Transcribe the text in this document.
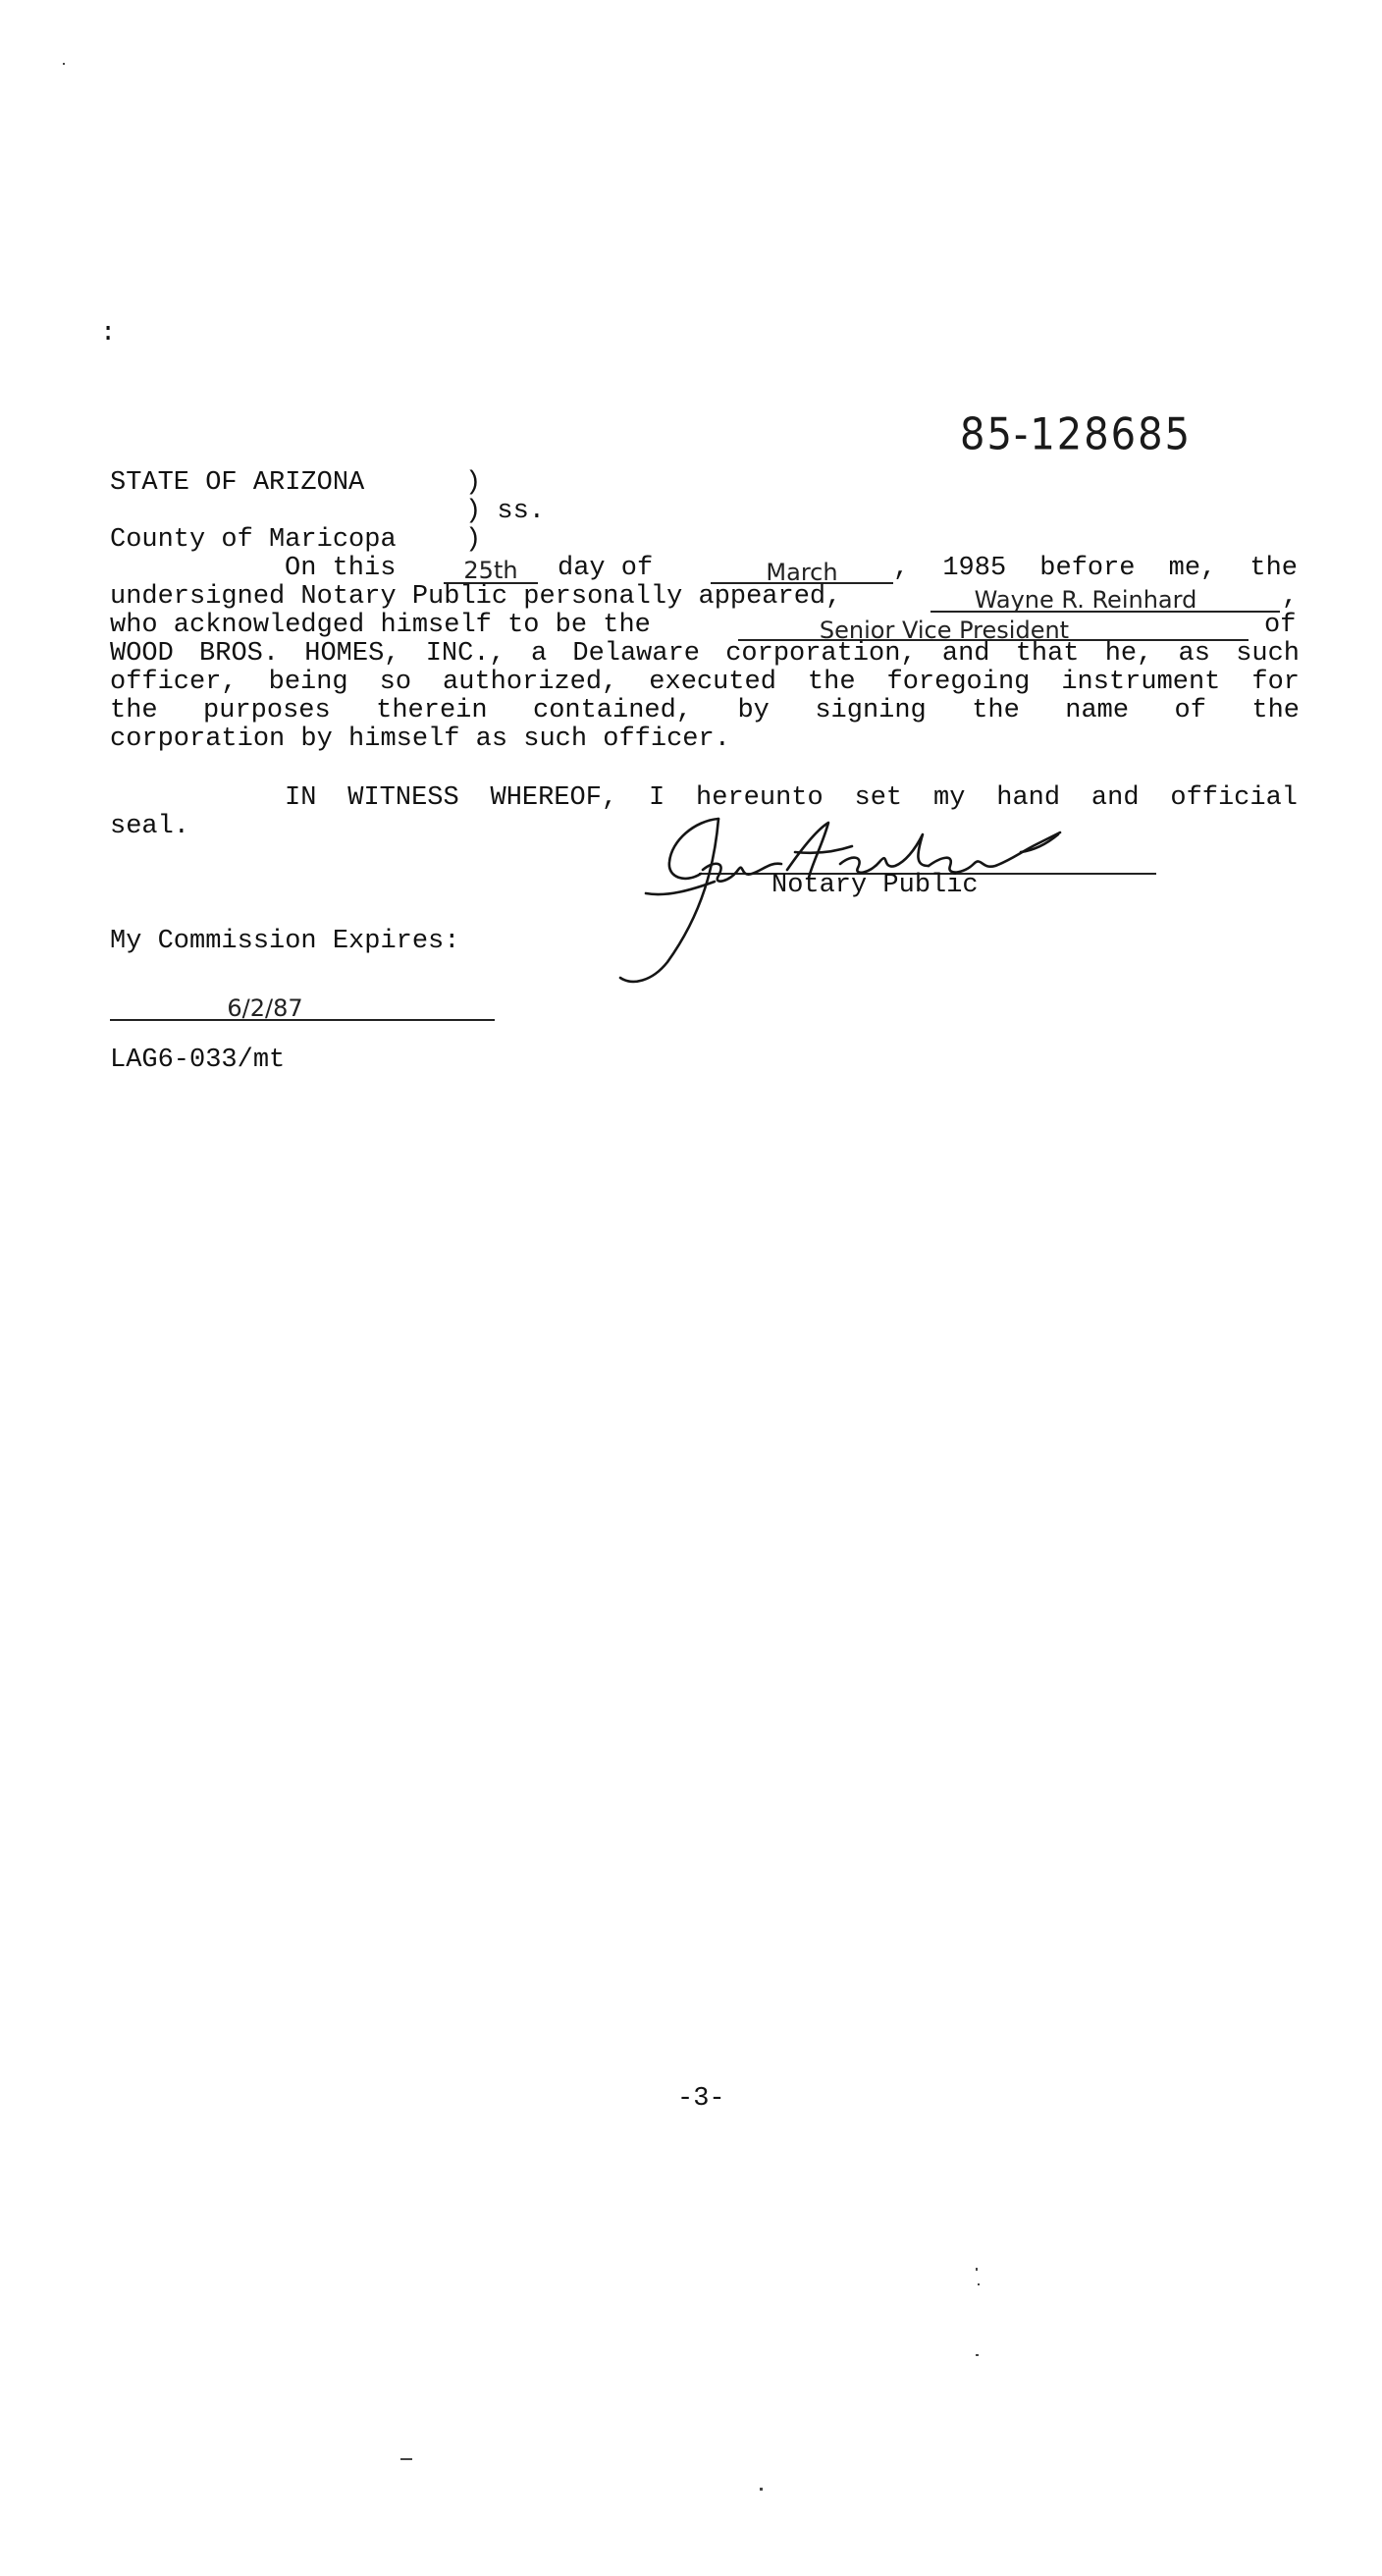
:
85-128685
STATE OF ARIZONA	)
) ss.
County of Maricopa	)
On this	25th	day of	March	, 1985 before me, the
undersigned Notary Public personally appeared,	Wayne R. Reinhard	,
who acknowledged himself to be the	Senior Vice President	of
WOOD BROS. HOMES, INC., a Delaware corporation, and that he, as such
officer, being so authorized, executed the foregoing instrument for
the purposes therein contained, by signing the name of the
corporation by himself as such officer.
IN WITNESS WHEREOF, I hereunto set my hand and official
seal.
Notary Public
My Commission Expires:
6/2/87
LAG6-033/mt
-3-
